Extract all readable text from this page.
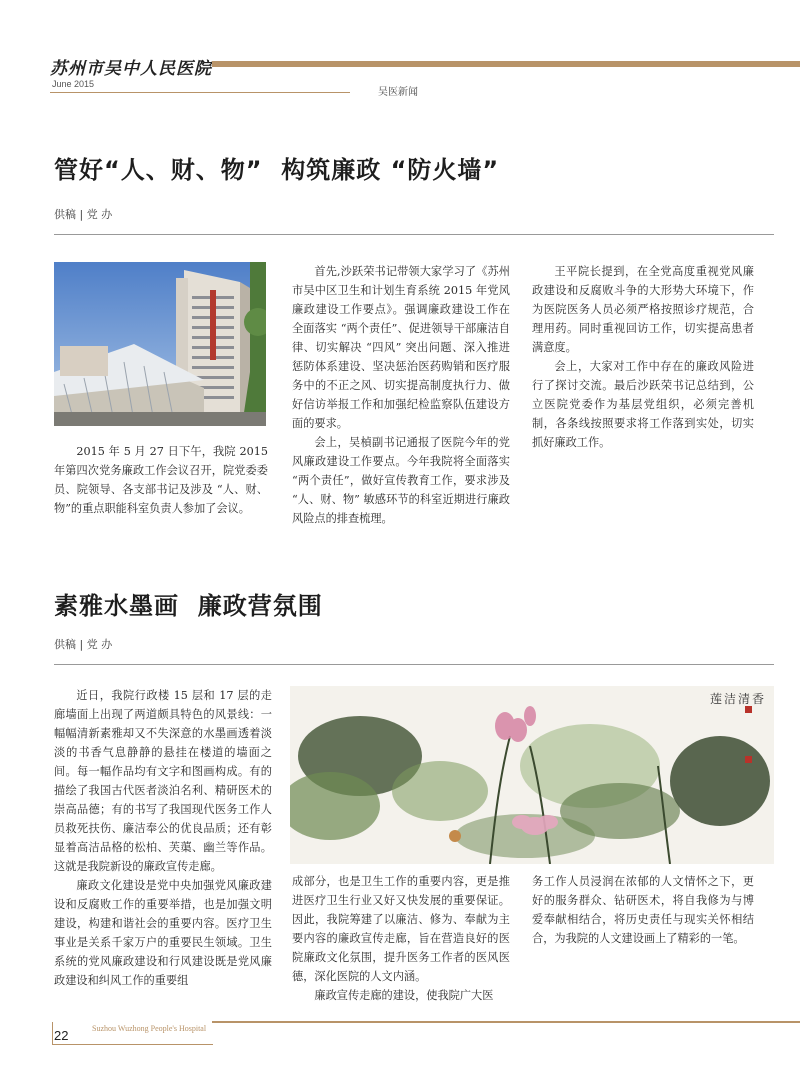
苏州市吴中人民医院
June 2015
吴医新闻
管好“人、财、物”  构筑廉政 “防火墙”
供稿 | 党 办

2015 年 5 月 27 日下午，我院 2015 年第四次党务廉政工作会议召开，院党委委员、院领导、各支部书记及涉及 “人、财、物”的重点职能科室负责人参加了会议。

首先,沙跃荣书记带领大家学习了《苏州市吴中区卫生和计划生育系统 2015 年党风廉政建设工作要点》。强调廉政建设工作在全面落实 “两个责任”、促进领导干部廉洁自律、切实解决 “四风” 突出问题、深入推进惩防体系建设、坚决惩治医药购销和医疗服务中的不正之风、切实提高制度执行力、做好信访举报工作和加强纪检监察队伍建设方面的要求。

会上，吴楨副书记通报了医院今年的党风廉政建设工作要点。今年我院将全面落实 “两个责任”，做好宣传教育工作，要求涉及 “人、财、物” 敏感环节的科室近期进行廉政风险点的排查梳理。

王平院长提到，在全党高度重视党风廉政建设和反腐败斗争的大形势大环境下，作为医院医务人员必须严格按照诊疗规范，合理用药。同时重视回访工作，切实提高患者满意度。

会上，大家对工作中存在的廉政风险进行了探讨交流。最后沙跃荣书记总结到，公立医院党委作为基层党组织，必须完善机制，各条线按照要求将工作落到实处，切实抓好廉政工作。

素雅水墨画  廉政营氛围
供稿 | 党 办

近日，我院行政楼 15 层和 17 层的走廊墙面上出现了两道颇具特色的风景线：一幅幅清新素雅却又不失深意的水墨画透着淡淡的书香气息静静的悬挂在楼道的墙面之间。每一幅作品均有文字和图画构成。有的描绘了我国古代医者淡泊名利、精研医术的崇高品德；有的书写了我国现代医务工作人员救死扶伤、廉洁奉公的优良品质；还有彰显着高洁品格的松柏、芙蕖、幽兰等作品。这就是我院新设的廉政宣传走廊。

廉政文化建设是党中央加强党风廉政建设和反腐败工作的重要举措，也是加强文明建设，构建和谐社会的重要内容。医疗卫生事业是关系千家万户的重要民生领域。卫生系统的党风廉政建设和行风建设既是党风廉政建设和纠风工作的重要组

莲洁清香

成部分，也是卫生工作的重要内容，更是推进医疗卫生行业又好又快发展的重要保证。因此，我院筹建了以廉洁、修为、奉献为主要内容的廉政宣传走廊，旨在营造良好的医院廉政文化氛围，提升医务工作者的医风医德，深化医院的人文内涵。

廉政宣传走廊的建设，使我院广大医

务工作人员浸润在浓郁的人文情怀之下，更好的服务群众、钻研医术，将自我修为与博爱奉献相结合，将历史责任与现实关怀相结合，为我院的人文建设画上了精彩的一笔。

22	Suzhou Wuzhong People's Hospital
